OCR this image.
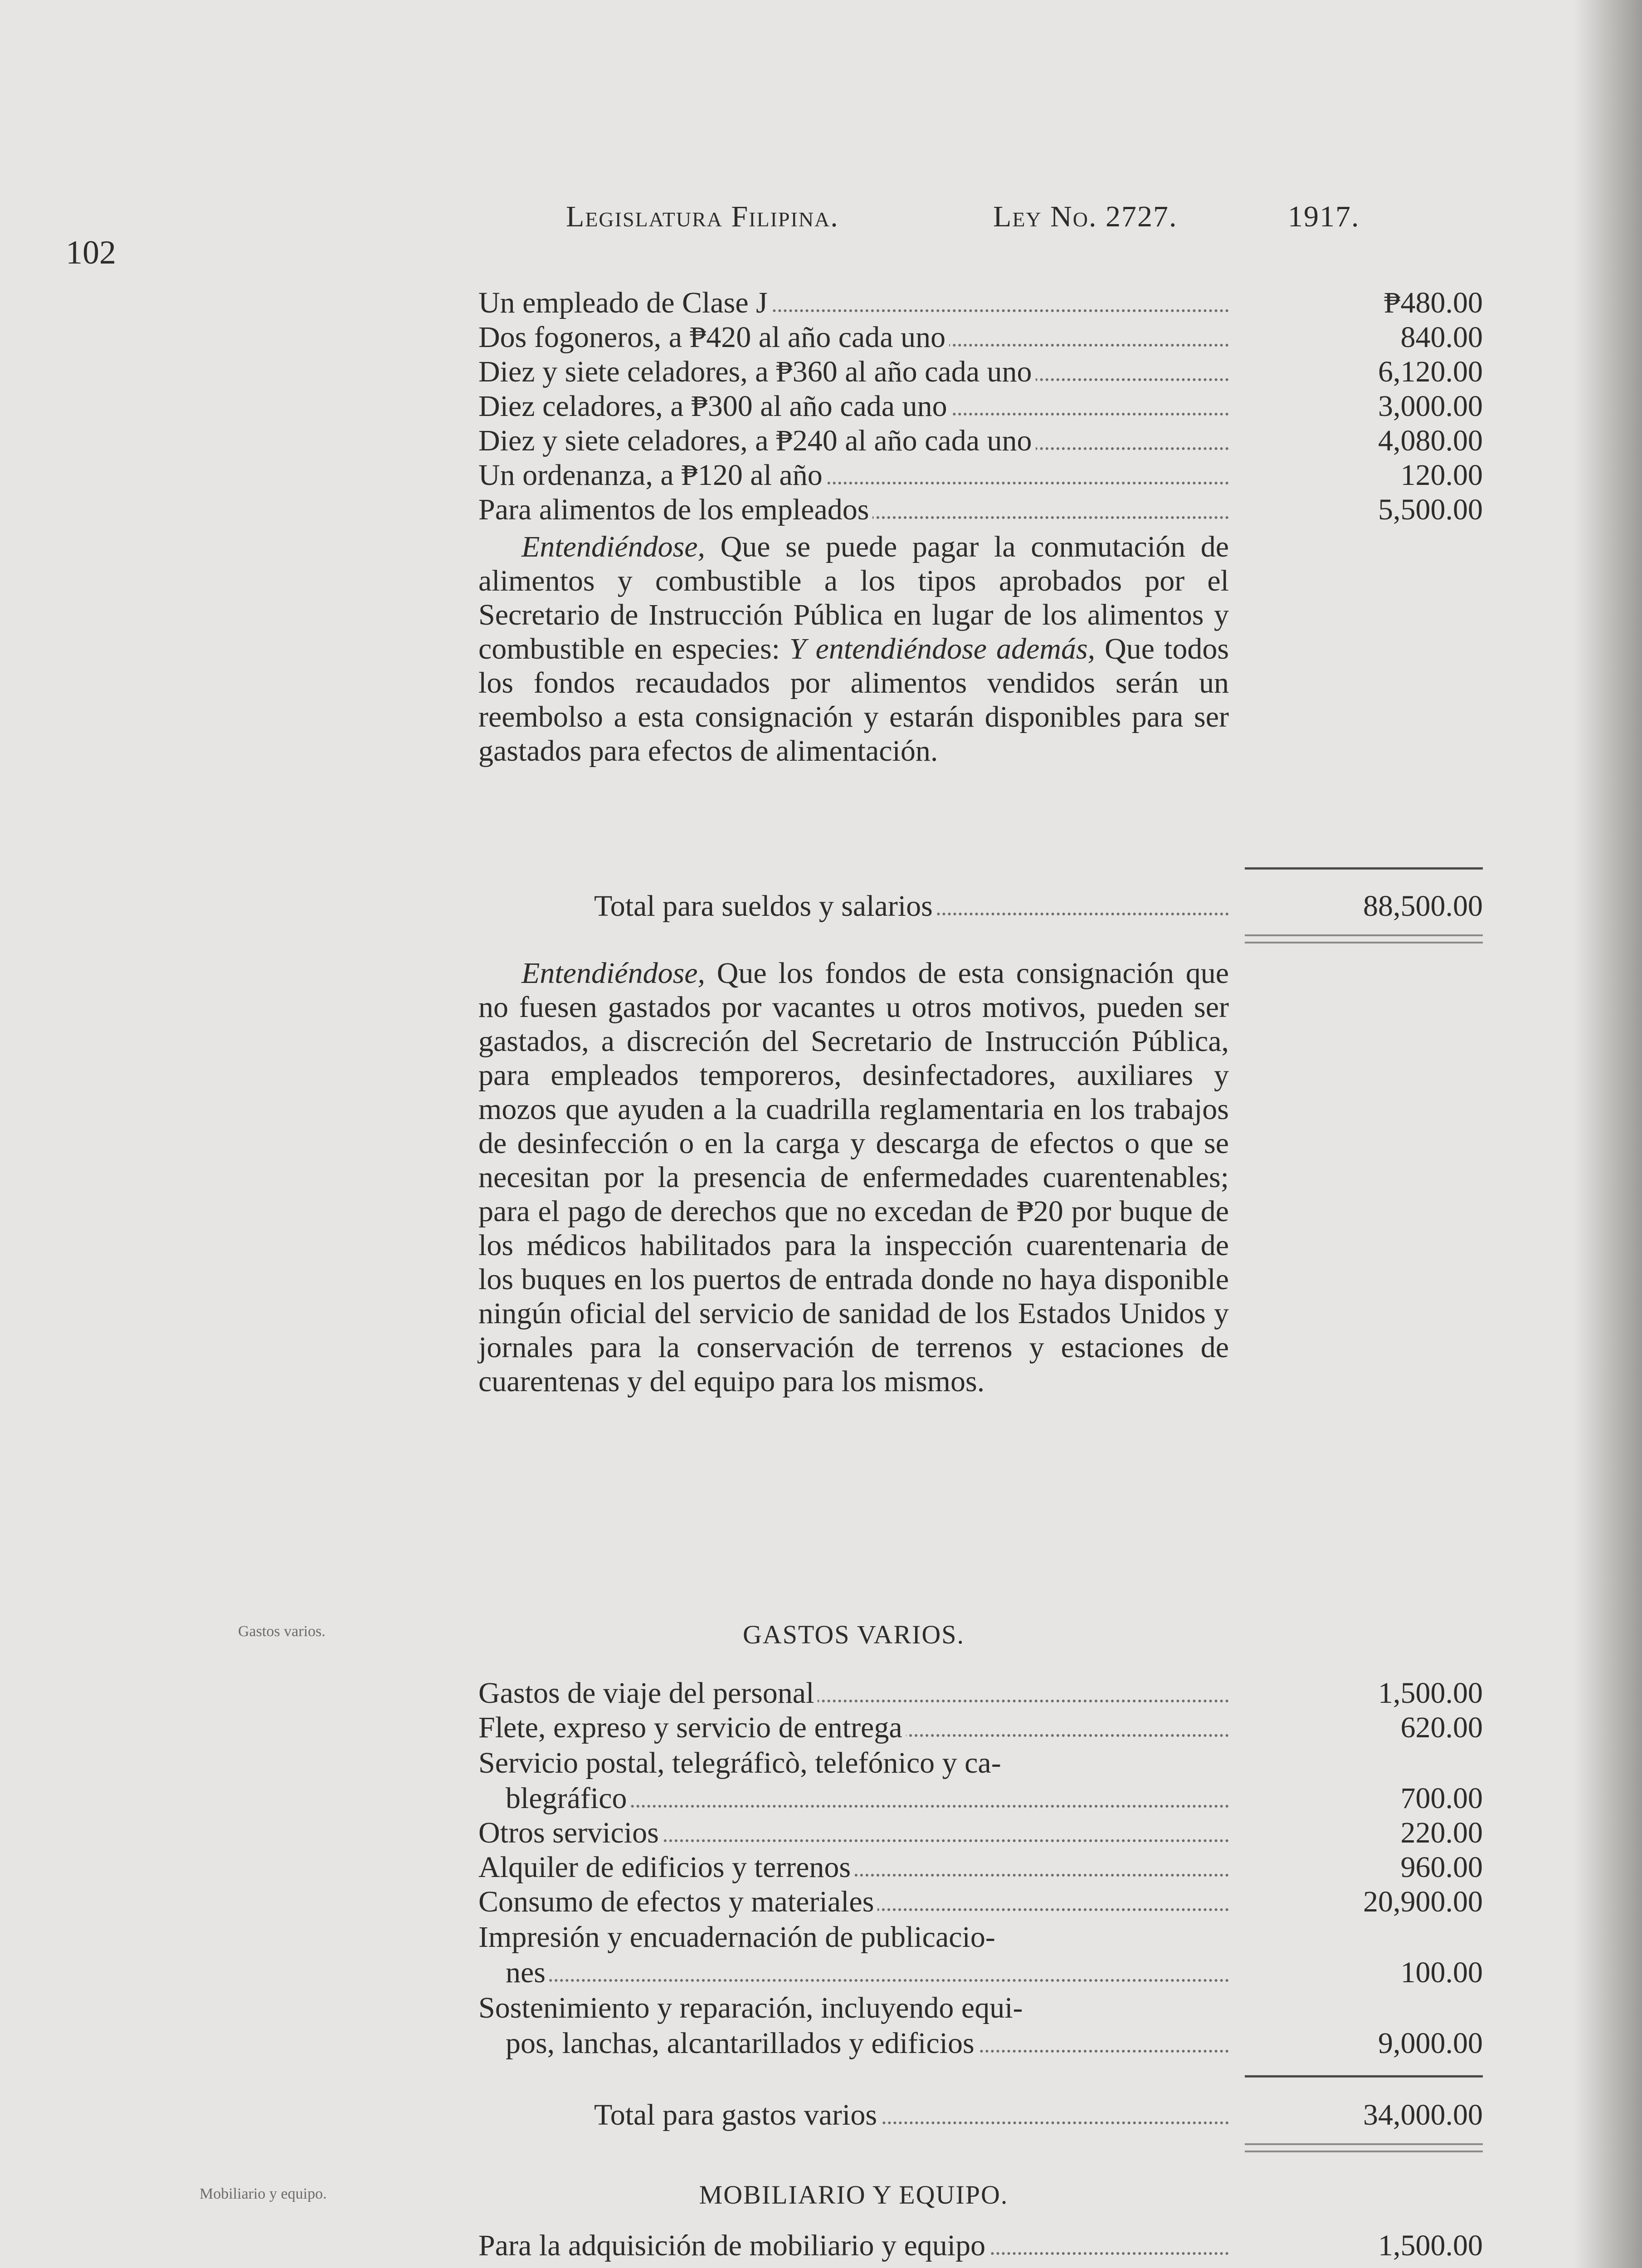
102
Legislatura Filipina.	Ley No. 2727.	1917.
Un empleado de Clase J	₱480.00
Dos fogoneros, a ₱420 al año cada uno	840.00
Diez y siete celadores, a ₱360 al año cada uno	6,120.00
Diez celadores, a ₱300 al año cada uno	3,000.00
Diez y siete celadores, a ₱240 al año cada uno	4,080.00
Un ordenanza, a ₱120 al año	120.00
Para alimentos de los empleados	5,500.00
Entendiéndose, Que se puede pagar la conmutación de alimentos y combustible a los tipos aprobados por el Secretario de Instrucción Pública en lugar de los alimentos y combustible en especies: Y entendiéndose además, Que todos los fondos recaudados por alimentos vendidos serán un reembolso a esta consignación y estarán disponibles para ser gastados para efectos de alimentación.
Total para sueldos y salarios	88,500.00
Entendiéndose, Que los fondos de esta consignación que no fuesen gastados por vacantes u otros motivos, pueden ser gastados, a discreción del Secretario de Instrucción Pública, para empleados temporeros, desinfectadores, auxiliares y mozos que ayuden a la cuadrilla reglamentaria en los trabajos de desinfección o en la carga y descarga de efectos o que se necesitan por la presencia de enfermedades cuarentenables; para el pago de derechos que no excedan de ₱20 por buque de los médicos habilitados para la inspección cuarentenaria de los buques en los puertos de entrada donde no haya disponible ningún oficial del servicio de sanidad de los Estados Unidos y jornales para la conservación de terrenos y estaciones de cuarentenas y del equipo para los mismos.
Gastos varios.	GASTOS VARIOS.
Gastos de viaje del personal	1,500.00
Flete, expreso y servicio de entrega	620.00
Servicio postal, telegráficò, telefónico y ca-
blegráfico	700.00
Otros servicios	220.00
Alquiler de edificios y terrenos	960.00
Consumo de efectos y materiales	20,900.00
Impresión y encuadernación de publicacio-
nes	100.00
Sostenimiento y reparación, incluyendo equi-
pos, lanchas, alcantarillados y edificios	9,000.00
Total para gastos varios	34,000.00
Mobiliario y equipo.	MOBILIARIO Y EQUIPO.
Para la adquisición de mobiliario y equipo	1,500.00
